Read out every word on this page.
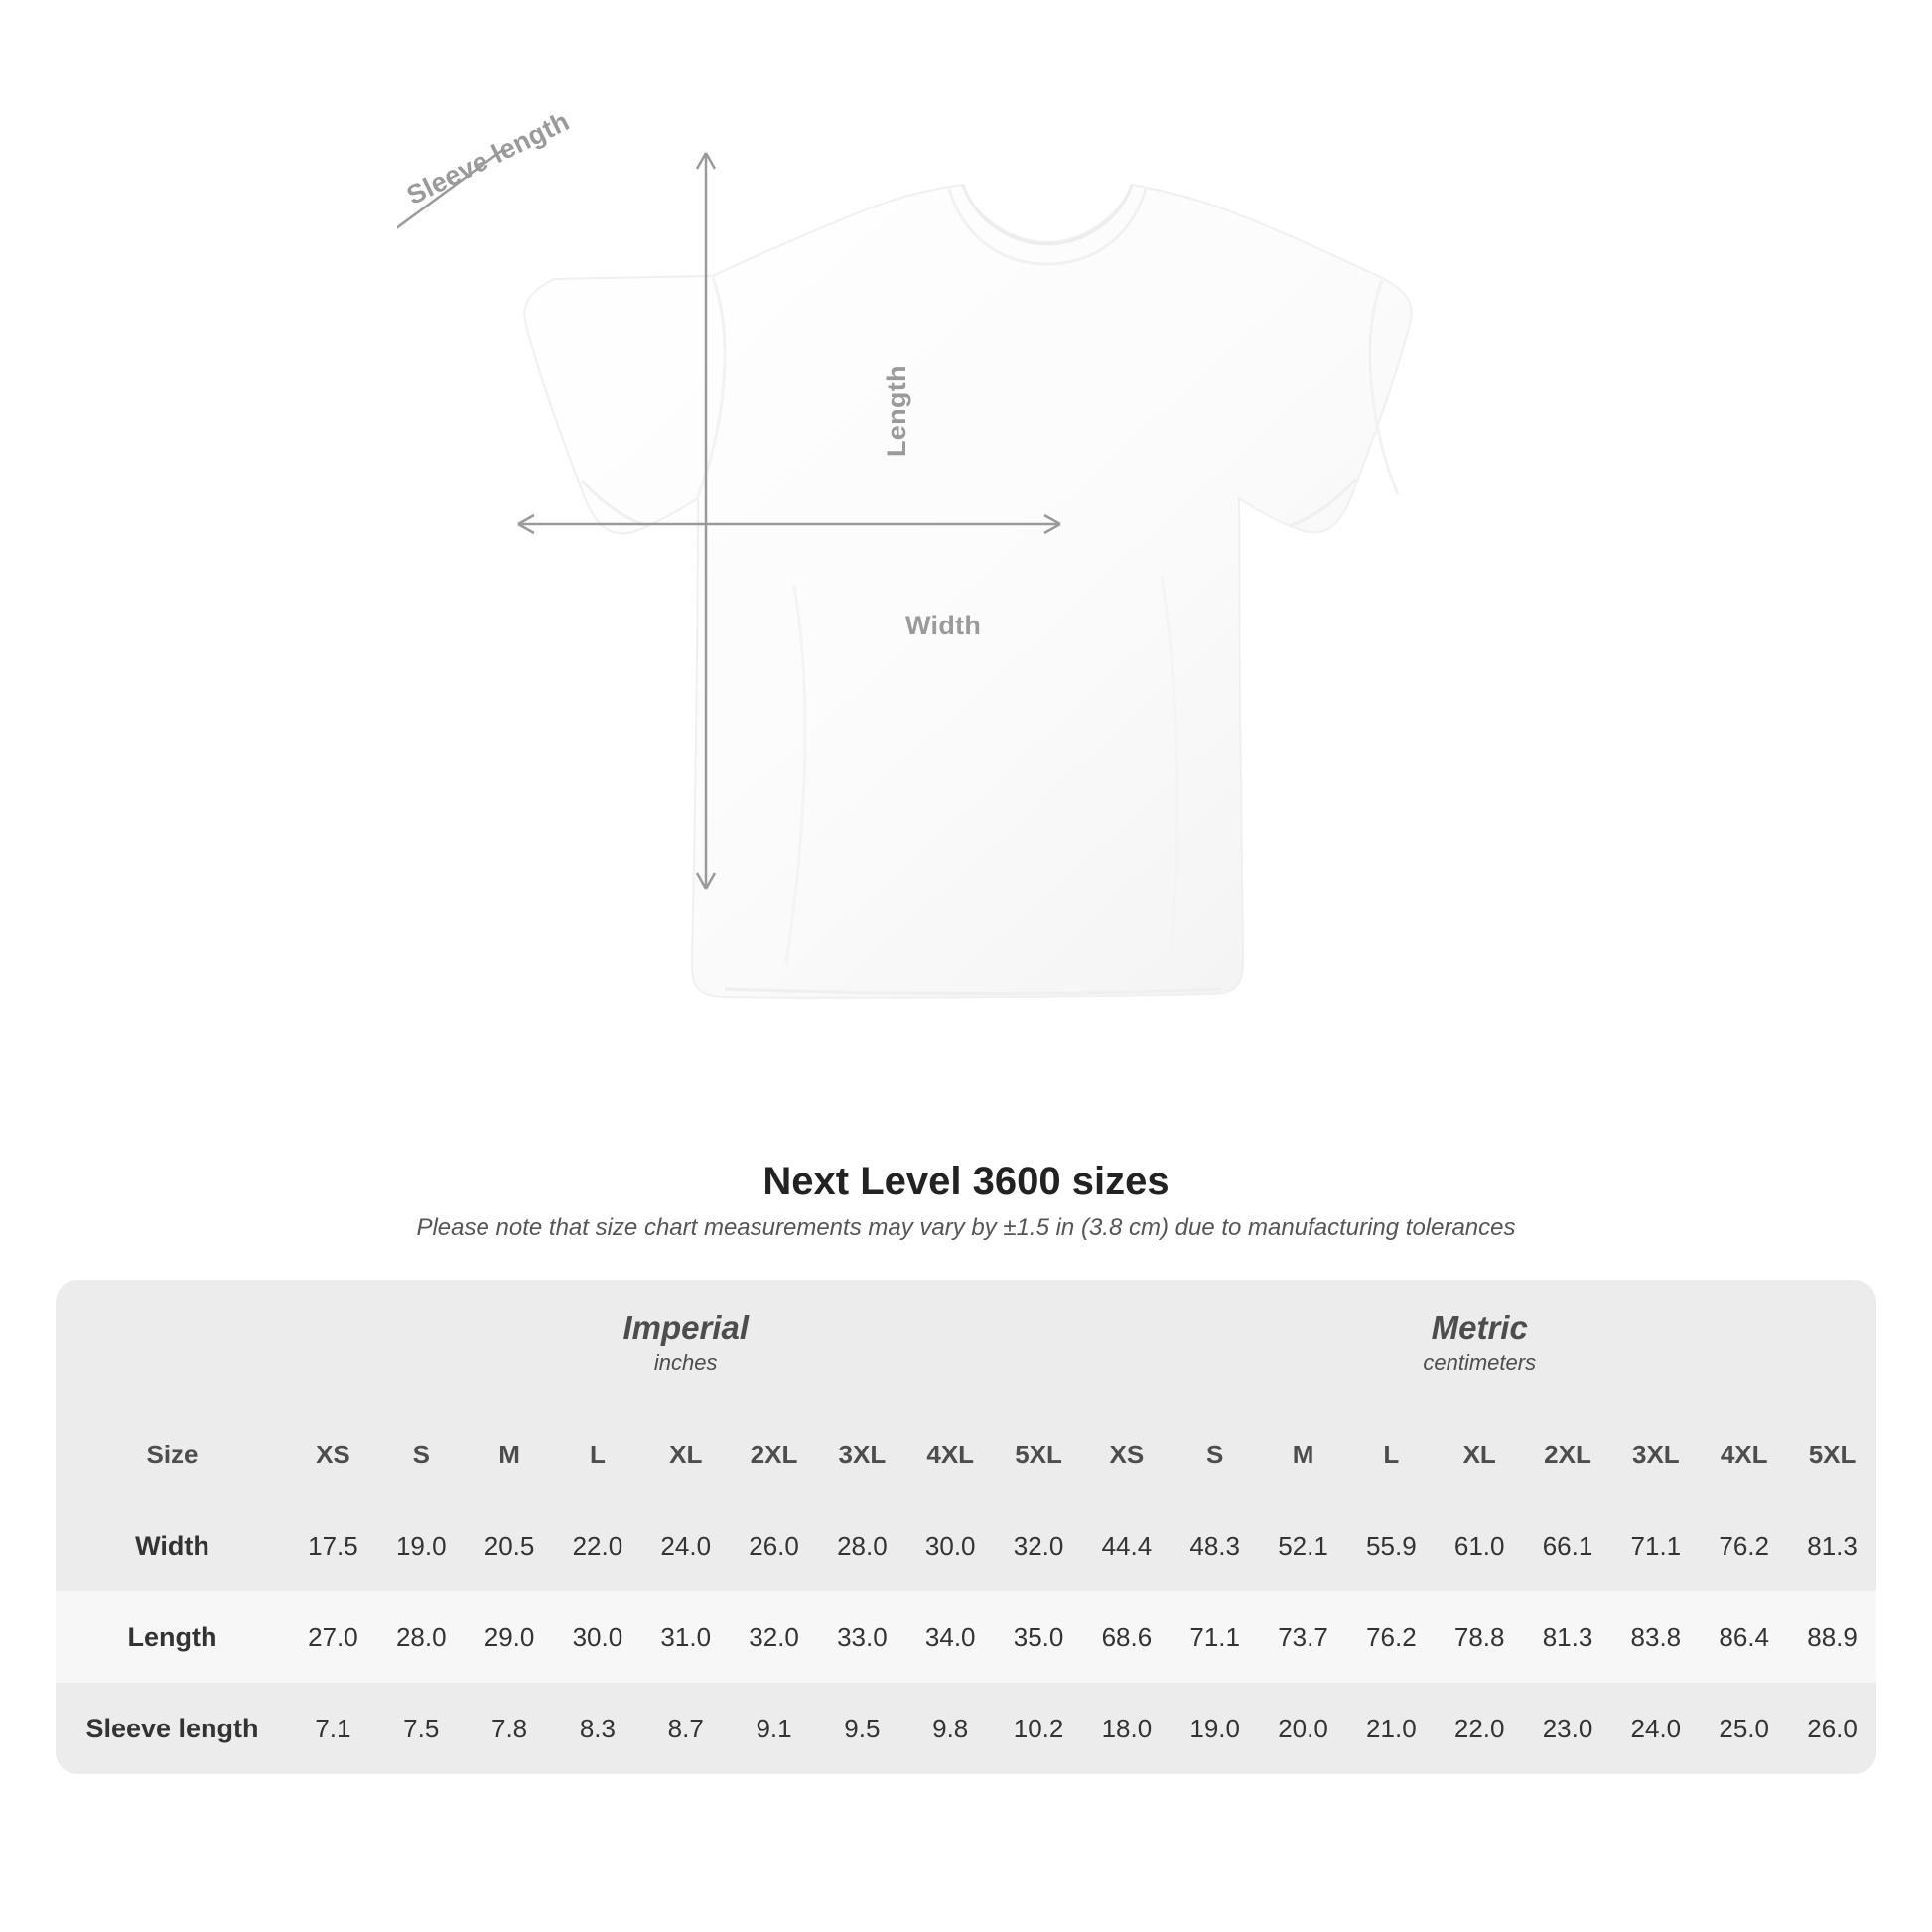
Sleeve length
Length
Width
Next Level 3600 sizes

Please note that size chart measurements may vary by ±1.5 in (3.8 cm) due to manufacturing tolerances

Imperial
inches

Metric
centimeters

Size	XS	S	M	L	XL	2XL	3XL	4XL	5XL	XS	S	M	L	XL	2XL	3XL	4XL	5XL
Width	17.5	19.0	20.5	22.0	24.0	26.0	28.0	30.0	32.0	44.4	48.3	52.1	55.9	61.0	66.1	71.1	76.2	81.3

Length	27.0	28.0	29.0	30.0	31.0	32.0	33.0	34.0	35.0	68.6	71.1	73.7	76.2	78.8	81.3	83.8	86.4	88.9

Sleeve length	7.1	7.5	7.8	8.3	8.7	9.1	9.5	9.8	10.2	18.0	19.0	20.0	21.0	22.0	23.0	24.0	25.0	26.0
